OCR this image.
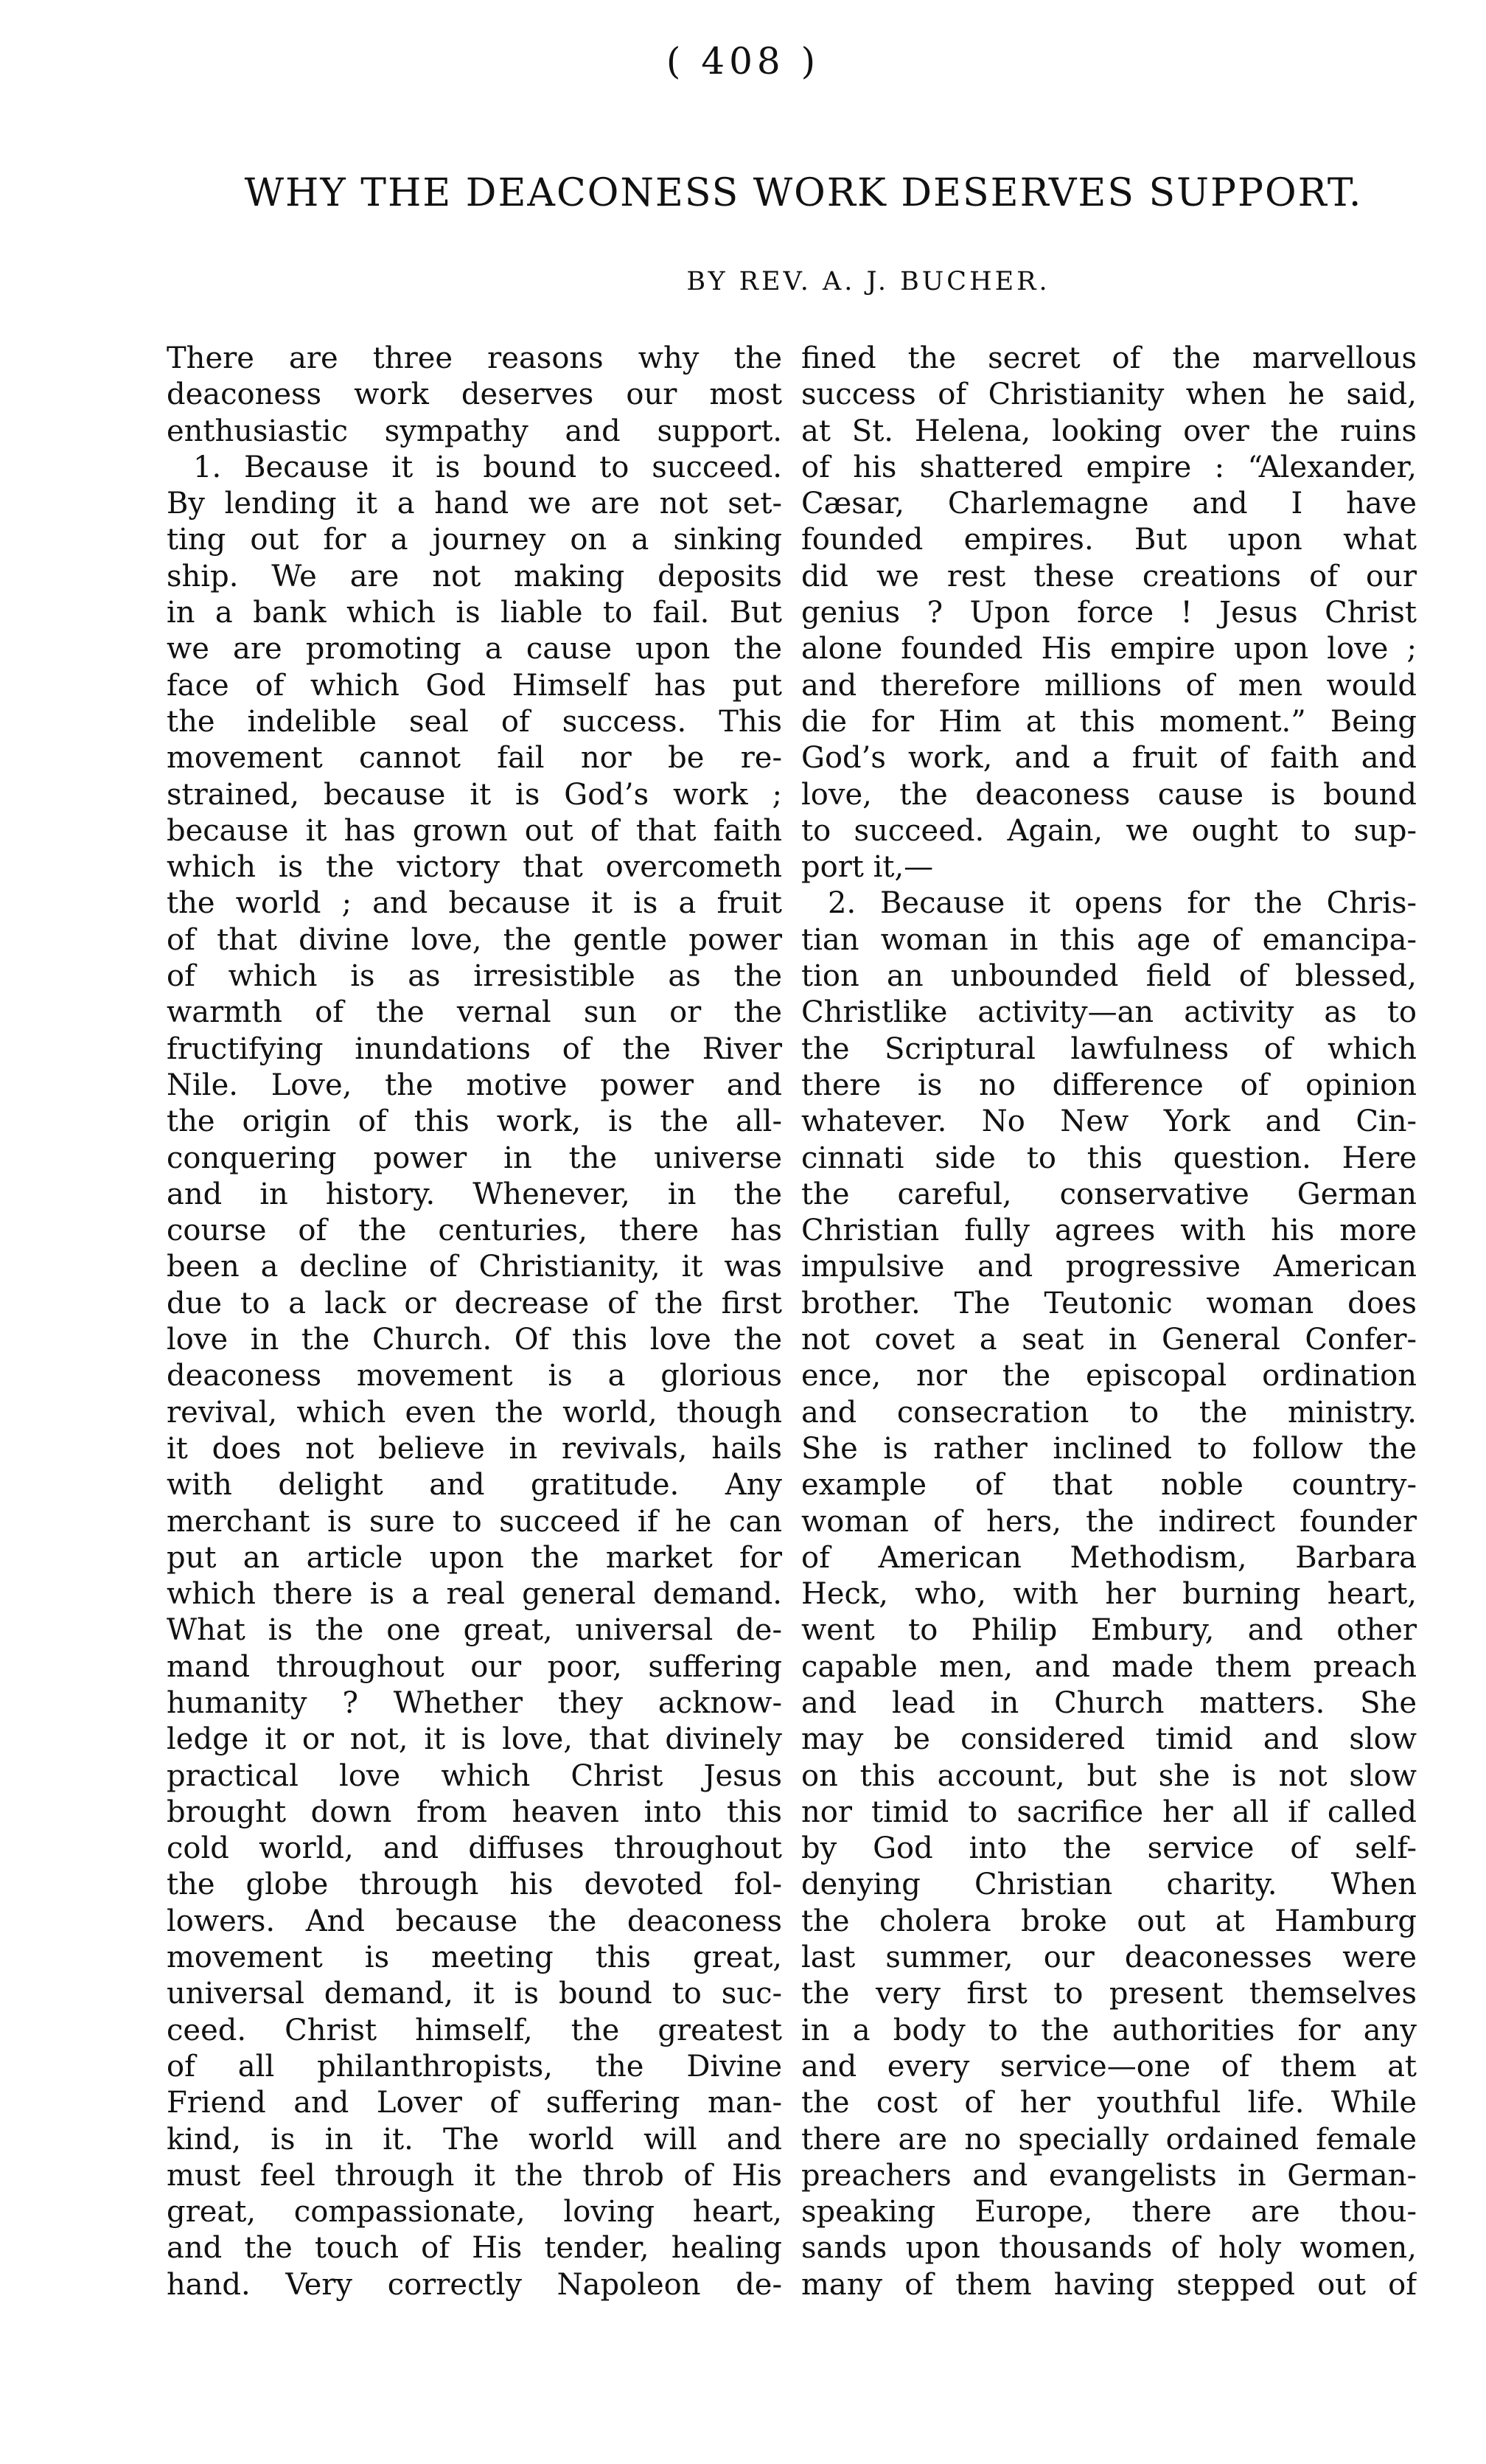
( 408 )
WHY THE DEACONESS WORK DESERVES SUPPORT.
BY REV. A. J. BUCHER.
There are three reasons why the
deaconess work deserves our most
enthusiastic sympathy and support.
1. Because it is bound to succeed.
By lending it a hand we are not set-
ting out for a journey on a sinking
ship. We are not making deposits
in a bank which is liable to fail. But
we are promoting a cause upon the
face of which God Himself has put
the indelible seal of success. This
movement cannot fail nor be re-
strained, because it is God’s work ;
because it has grown out of that faith
which is the victory that overcometh
the world ; and because it is a fruit
of that divine love, the gentle power
of which is as irresistible as the
warmth of the vernal sun or the
fructifying inundations of the River
Nile. Love, the motive power and
the origin of this work, is the all-
conquering power in the universe
and in history. Whenever, in the
course of the centuries, there has
been a decline of Christianity, it was
due to a lack or decrease of the first
love in the Church. Of this love the
deaconess movement is a glorious
revival, which even the world, though
it does not believe in revivals, hails
with delight and gratitude. Any
merchant is sure to succeed if he can
put an article upon the market for
which there is a real general demand.
What is the one great, universal de-
mand throughout our poor, suffering
humanity ? Whether they acknow-
ledge it or not, it is love, that divinely
practical love which Christ Jesus
brought down from heaven into this
cold world, and diffuses throughout
the globe through his devoted fol-
lowers. And because the deaconess
movement is meeting this great,
universal demand, it is bound to suc-
ceed. Christ himself, the greatest
of all philanthropists, the Divine
Friend and Lover of suffering man-
kind, is in it. The world will and
must feel through it the throb of His
great, compassionate, loving heart,
and the touch of His tender, healing
hand. Very correctly Napoleon de-
fined the secret of the marvellous
success of Christianity when he said,
at St. Helena, looking over the ruins
of his shattered empire : “Alexander,
Cæsar, Charlemagne and I have
founded empires. But upon what
did we rest these creations of our
genius ? Upon force ! Jesus Christ
alone founded His empire upon love ;
and therefore millions of men would
die for Him at this moment.” Being
God’s work, and a fruit of faith and
love, the deaconess cause is bound
to succeed. Again, we ought to sup-
port it,—
2. Because it opens for the Chris-
tian woman in this age of emancipa-
tion an unbounded field of blessed,
Christlike activity—an activity as to
the Scriptural lawfulness of which
there is no difference of opinion
whatever. No New York and Cin-
cinnati side to this question. Here
the careful, conservative German
Christian fully agrees with his more
impulsive and progressive American
brother. The Teutonic woman does
not covet a seat in General Confer-
ence, nor the episcopal ordination
and consecration to the ministry.
She is rather inclined to follow the
example of that noble country-
woman of hers, the indirect founder
of American Methodism, Barbara
Heck, who, with her burning heart,
went to Philip Embury, and other
capable men, and made them preach
and lead in Church matters. She
may be considered timid and slow
on this account, but she is not slow
nor timid to sacrifice her all if called
by God into the service of self-
denying Christian charity. When
the cholera broke out at Hamburg
last summer, our deaconesses were
the very first to present themselves
in a body to the authorities for any
and every service—one of them at
the cost of her youthful life. While
there are no specially ordained female
preachers and evangelists in German-
speaking Europe, there are thou-
sands upon thousands of holy women,
many of them having stepped out of
